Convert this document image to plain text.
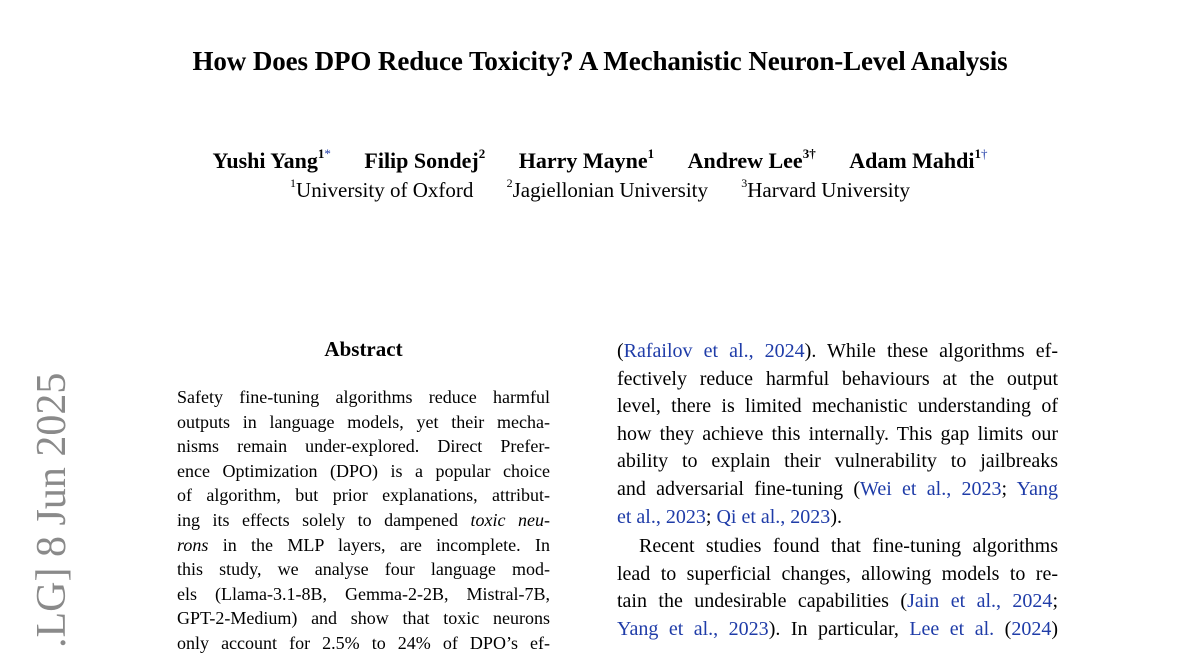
How Does DPO Reduce Toxicity? A Mechanistic Neuron-Level Analysis
Yushi Yang$^{1*}$ Filip Sondej$^2$ Harry Mayne$^1$ Andrew Lee$^{3\dagger}$ Adam Mahdi$^{1\dagger}$
$^1$University of Oxford	$^2$Jagiellonian University	$^3$Harvard University
.LG] 8 Jun 2025
Abstract
Safety fine-tuning algorithms reduce harmful
outputs in language models, yet their mecha-
nisms remain under-explored. Direct Prefer-
ence Optimization (DPO) is a popular choice
of algorithm, but prior explanations, attribut-
ing its effects solely to dampened toxic neu-
rons in the MLP layers, are incomplete. In
this study, we analyse four language mod-
els (Llama-3.1-8B, Gemma-2-2B, Mistral-7B,
GPT-2-Medium) and show that toxic neurons
only account for 2.5% to 24% of DPO’s ef-
(Rafailov et al., 2024). While these algorithms ef-
fectively reduce harmful behaviours at the output
level, there is limited mechanistic understanding of
how they achieve this internally. This gap limits our
ability to explain their vulnerability to jailbreaks
and adversarial fine-tuning (Wei et al., 2023; Yang
et al., 2023; Qi et al., 2023).
Recent studies found that fine-tuning algorithms
lead to superficial changes, allowing models to re-
tain the undesirable capabilities (Jain et al., 2024;
Yang et al., 2023). In particular, Lee et al. (2024)
